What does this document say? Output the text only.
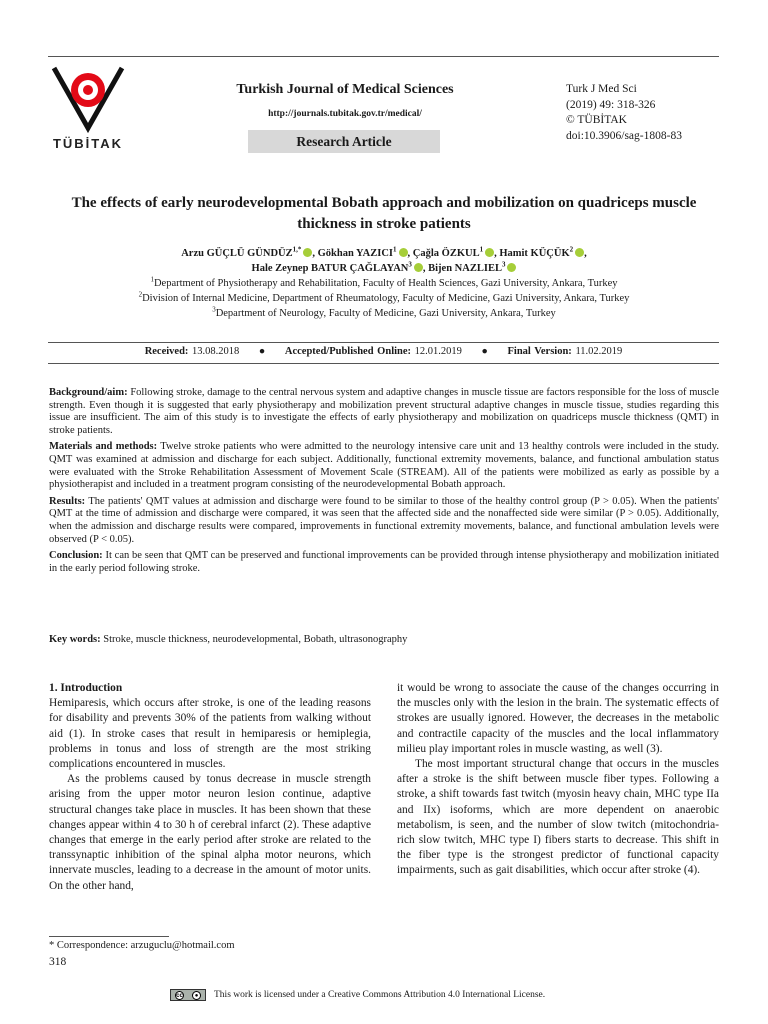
TÜBİTAK
Turkish Journal of Medical Sciences
http://journals.tubitak.gov.tr/medical/
Research Article
Turk J Med Sci
(2019) 49: 318-326
© TÜBİTAK
doi:10.3906/sag-1808-83
The effects of early neurodevelopmental Bobath approach and mobilization on quadriceps muscle thickness in stroke patients
Arzu GÜÇLÜ $GÜNDÜZ^{1,*}$ , Gökhan YAZICI$^1$ , Çağla ÖZKUL$^1$ , Hamit KÜÇÜK$^2$ ,
Hale Zeynep BATUR ÇAĞLAYAN$^3$ , Bijen NAZLIEL$^3$
$^1$Department of Physiotherapy and Rehabilitation, Faculty of Health Sciences, Gazi University, Ankara, Turkey
$^2$Division of Internal Medicine, Department of Rheumatology, Faculty of Medicine, Gazi University, Ankara, Turkey
$^3$Department of Neurology, Faculty of Medicine, Gazi University, Ankara, Turkey
Received: 13.08.2018 ● Accepted/Published Online: 12.01.2019 ● Final Version: 11.02.2019

Background/aim: Following stroke, damage to the central nervous system and adaptive changes in muscle tissue are factors responsible for the loss of muscle strength. Even though it is suggested that early physiotherapy and mobilization prevent structural adaptive changes in muscle tissue, studies regarding this issue are insufficient. The aim of this study is to investigate the effects of early physiotherapy and mobilization on quadriceps muscle thickness (QMT) in stroke patients.

Materials and methods: Twelve stroke patients who were admitted to the neurology intensive care unit and 13 healthy controls were included in the study. QMT was examined at admission and discharge for each subject. Additionally, functional extremity movements, balance, and functional ambulation status were evaluated with the Stroke Rehabilitation Assessment of Movement Scale (STREAM). All of the patients were mobilized as early as possible by a physiotherapist and included in a treatment program consisting of the neurodevelopmental Bobath approach.

Results: The patients' QMT values at admission and discharge were found to be similar to those of the healthy control group (P > 0.05). When the patients' QMT at the time of admission and discharge were compared, it was seen that the affected side and the nonaffected side were similar (P > 0.05). Additionally, when the admission and discharge results were compared, improvements in functional extremity movements, balance, and functional ambulation levels were observed (P < 0.05).

Conclusion: It can be seen that QMT can be preserved and functional improvements can be provided through intense physiotherapy and mobilization initiated in the early period following stroke.

Key words: Stroke, muscle thickness, neurodevelopmental, Bobath, ultrasonography

1. Introduction

Hemiparesis, which occurs after stroke, is one of the leading reasons for disability and prevents 30% of the patients from walking without aid (1). In stroke cases that result in hemiparesis or hemiplegia, problems in tonus and loss of strength are the most striking complications encountered in muscles.

As the problems caused by tonus decrease in muscle strength arising from the upper motor neuron lesion continue, adaptive structural changes take place in muscles. It has been shown that these changes appear within 4 to 30 h of cerebral infarct (2). These adaptive changes that emerge in the early period after stroke are related to the transsynaptic inhibition of the spinal alpha motor neurons, which innervate muscles, leading to a decrease in the amount of motor units. On the other hand,

it would be wrong to associate the cause of the changes occurring in the muscles only with the lesion in the brain. The systematic effects of strokes are usually ignored. However, the decreases in the metabolic and contractile capacity of the muscles and the local inflammatory milieu play important roles in muscle wasting, as well (3).

The most important structural change that occurs in the muscles after a stroke is the shift between muscle fiber types. Following a stroke, a shift towards fast twitch (myosin heavy chain, MHC type IIa and IIx) isoforms, which are more dependent on anaerobic metabolism, is seen, and the number of slow twitch (mitochondria-rich slow twitch, MHC type I) fibers starts to decrease. This shift in the fiber type is the strongest predictor of functional capacity impairments, such as gait disabilities, which occur after stroke (4).

* Correspondence: arzuguclu@hotmail.com
318
cc	● This work is licensed under a Creative Commons Attribution 4.0 International License.
